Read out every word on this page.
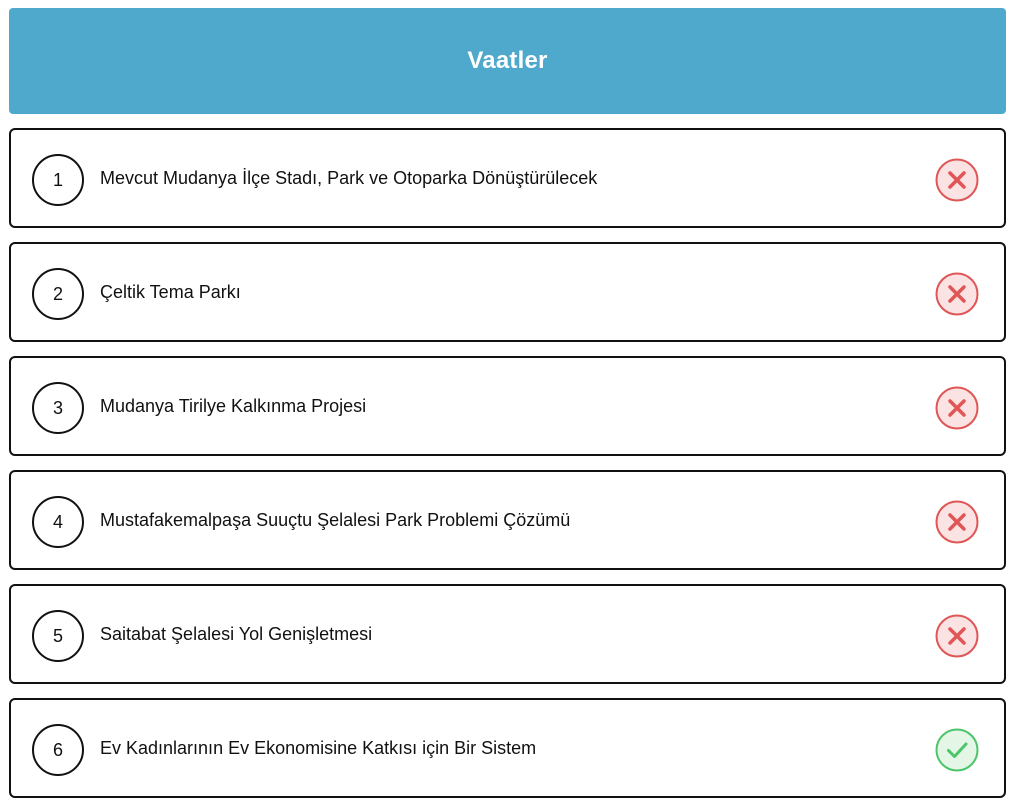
Vaatler
1	Mevcut Mudanya İlçe Stadı, Park ve Otoparka Dönüştürülecek
2	Çeltik Tema Parkı
3	Mudanya Tirilye Kalkınma Projesi
4	Mustafakemalpaşa Suuçtu Şelalesi Park Problemi Çözümü
5	Saitabat Şelalesi Yol Genişletmesi
6	Ev Kadınlarının Ev Ekonomisine Katkısı için Bir Sistem
